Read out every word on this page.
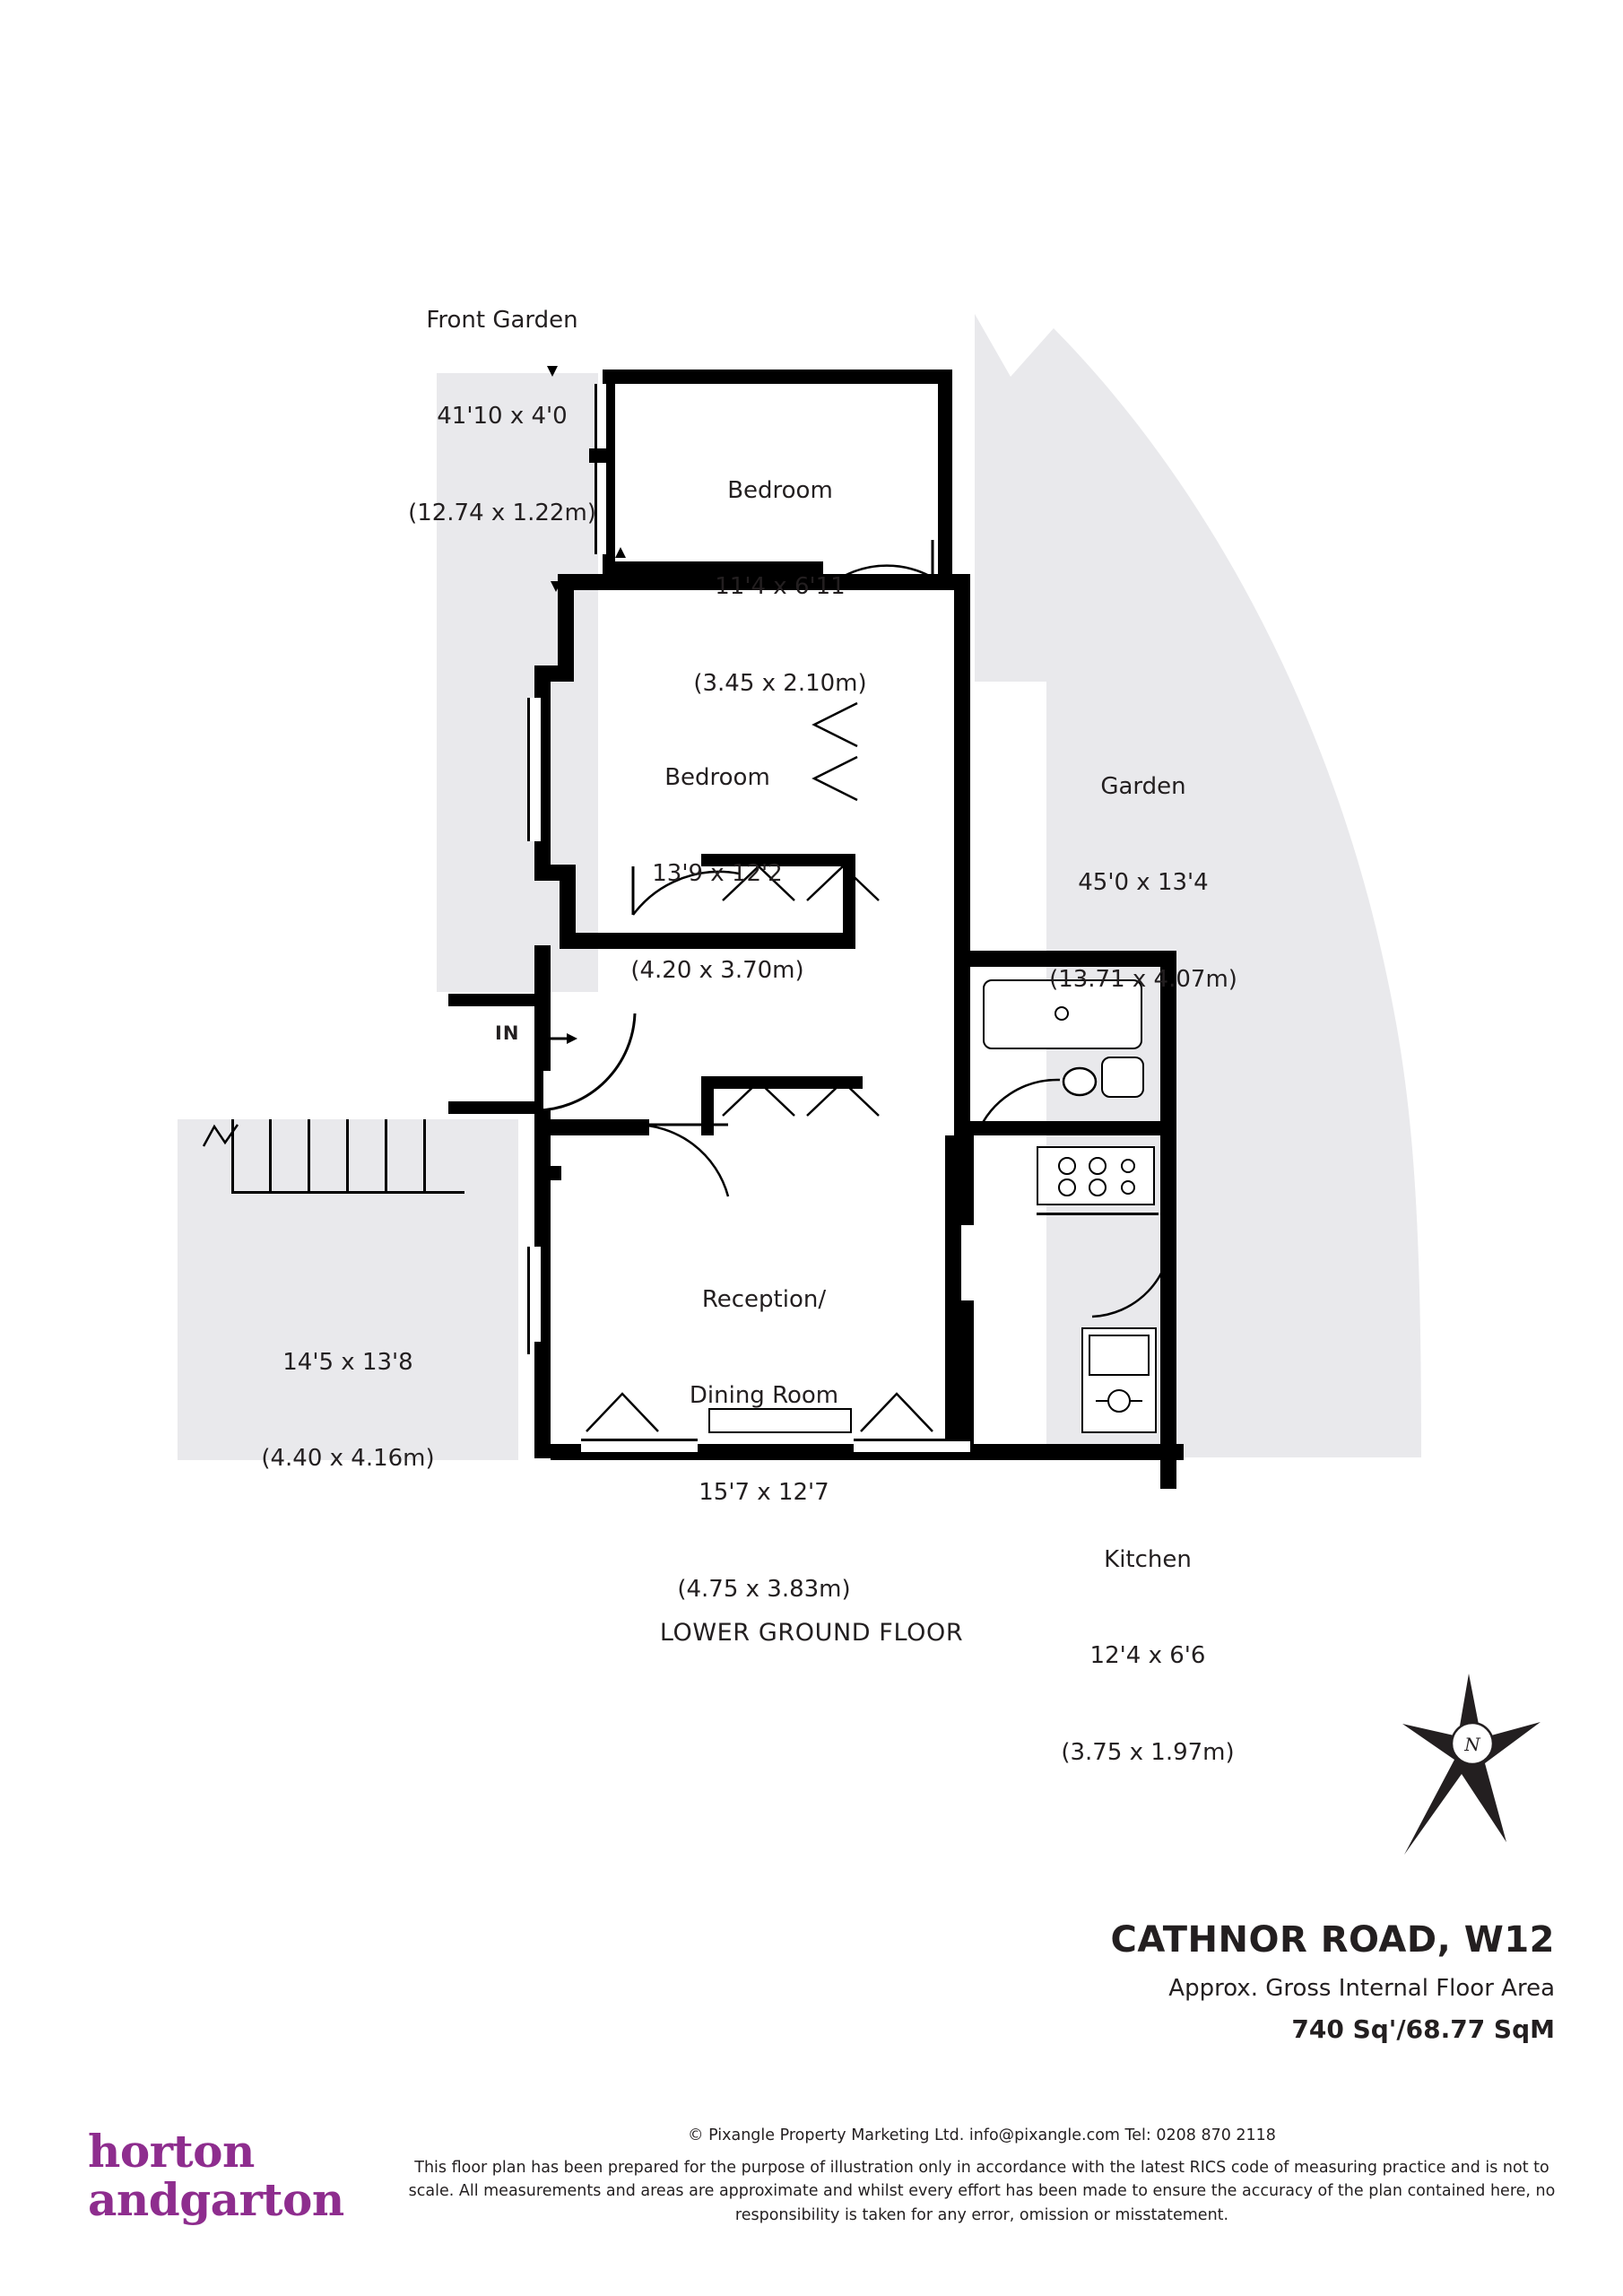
IN

Front Garden

41'10 x 4'0

(12.74 x 1.22m)

Bedroom

11'4 x 6'11

(3.45 x 2.10m)

Bedroom

13'9 x 12'2

(4.20 x 3.70m)

Garden

45'0 x 13'4

(13.71 x 4.07m)

14'5 x 13'8

(4.40 x 4.16m)

Reception/

Dining Room

15'7 x 12'7

(4.75 x 3.83m)

Kitchen

12'4 x 6'6

(3.75 x 1.97m)

LOWER GROUND FLOOR
N
CATHNOR ROAD, W12
Approx. Gross Internal Floor Area
740 Sq'/68.77 SqM
horton
andgarton
© Pixangle Property Marketing Ltd. info@pixangle.com Tel: 0208 870 2118
This floor plan has been prepared for the purpose of illustration only in accordance with the latest RICS code of measuring practice and is not to scale. All measurements and areas are approximate and whilst every effort has been made to ensure the accuracy of the plan contained here, no responsibility is taken for any error, omission or misstatement.
